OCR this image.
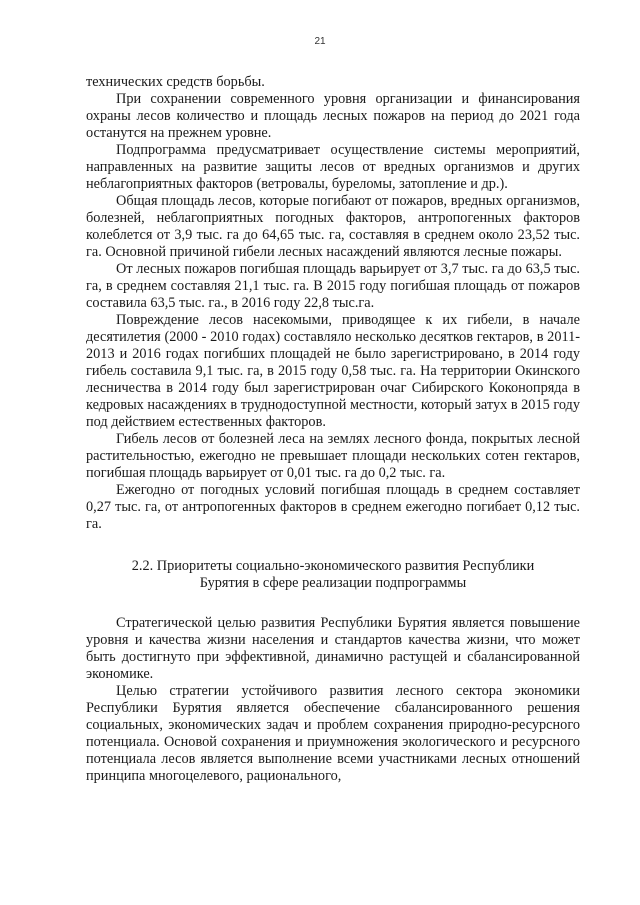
21

технических средств борьбы.

При сохранении современного уровня организации и финансирования охраны лесов количество и площадь лесных пожаров на период до 2021 года останутся на прежнем уровне.

Подпрограмма предусматривает осуществление системы мероприятий, направленных на развитие защиты лесов от вредных организмов и других неблагоприятных факторов (ветровалы, буреломы, затопление и др.).

Общая площадь лесов, которые погибают от пожаров, вредных организмов, болезней, неблагоприятных погодных факторов, антропогенных факторов колеблется от 3,9 тыс. га до 64,65 тыс. га, составляя в среднем около 23,52 тыс. га. Основной причиной гибели лесных насаждений являются лесные пожары.

От лесных пожаров погибшая площадь варьирует от 3,7 тыс. га до 63,5 тыс. га, в среднем составляя 21,1 тыс. га. В 2015 году погибшая площадь от пожаров составила 63,5 тыс. га., в 2016 году 22,8 тыс.га.

Повреждение лесов насекомыми, приводящее к их гибели, в начале десятилетия (2000 - 2010 годах) составляло несколько десятков гектаров, в 2011-2013 и 2016 годах погибших площадей не было зарегистрировано, в 2014 году гибель составила 9,1 тыс. га, в 2015 году 0,58 тыс. га. На территории Окинского лесничества в 2014 году был зарегистрирован очаг Сибирского Коконопряда в кедровых насаждениях в труднодоступной местности, который затух в 2015 году под действием естественных факторов.

Гибель лесов от болезней леса на землях лесного фонда, покрытых лесной растительностью, ежегодно не превышает площади нескольких сотен гектаров, погибшая площадь варьирует от 0,01 тыс. га до 0,2 тыс. га.

Ежегодно от погодных условий погибшая площадь в среднем составляет 0,27 тыс. га, от антропогенных факторов в среднем ежегодно погибает 0,12 тыс. га.

2.2. Приоритеты социально-экономического развития Республики
Бурятия в сфере реализации подпрограммы

Стратегической целью развития Республики Бурятия является повышение уровня и качества жизни населения и стандартов качества жизни, что может быть достигнуто при эффективной, динамично растущей и сбалансированной экономике.

Целью стратегии устойчивого развития лесного сектора экономики Республики Бурятия является обеспечение сбалансированного решения социальных, экономических задач и проблем сохранения природно-ресурсного потенциала. Основой сохранения и приумножения экологического и ресурсного потенциала лесов является выполнение всеми участниками лесных отношений принципа многоцелевого, рационального,
